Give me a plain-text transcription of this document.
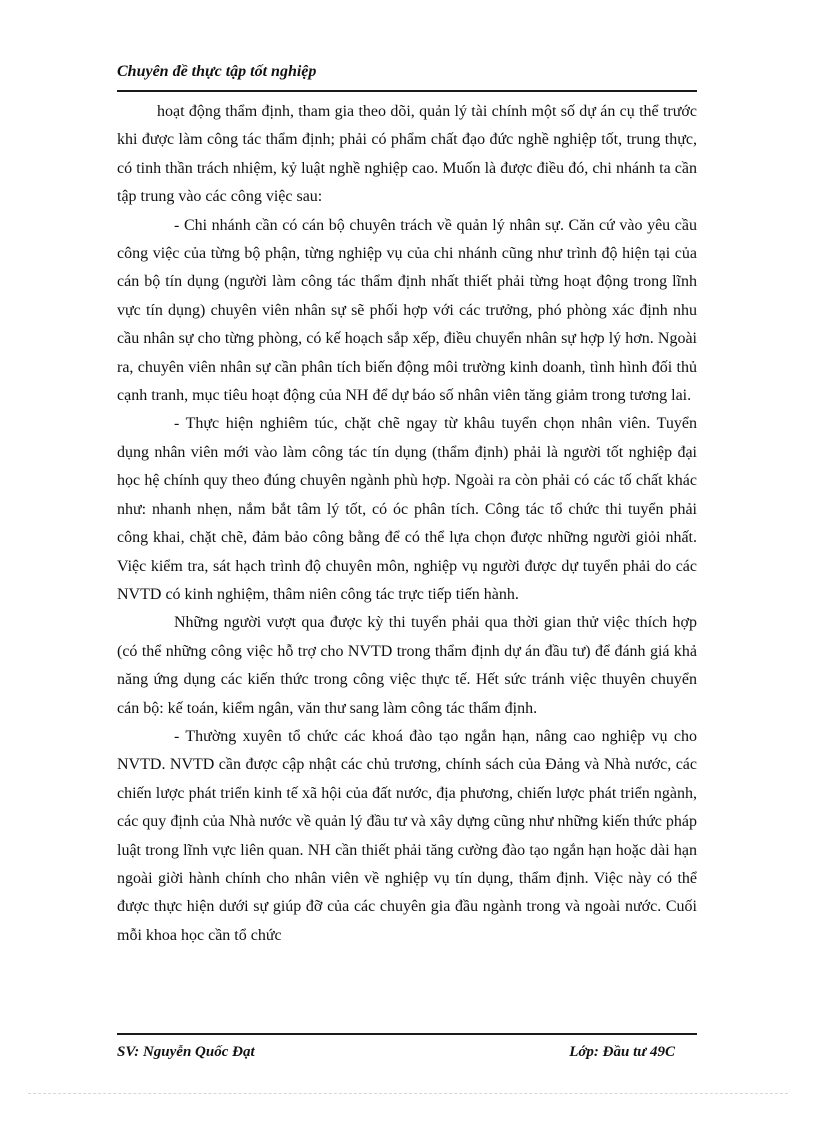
Chuyên đề thực tập tốt nghiệp

hoạt động thẩm định, tham gia theo dõi, quản lý tài chính một số dự án cụ thể trước khi được làm công tác thẩm định; phải có phẩm chất đạo đức nghề nghiệp tốt, trung thực, có tinh thần trách nhiệm, kỷ luật nghề nghiệp cao. Muốn là được điều đó, chi nhánh ta cần tập trung vào các công việc sau:

- Chi nhánh cần có cán bộ chuyên trách về quản lý nhân sự. Căn cứ vào yêu cầu công việc của từng bộ phận, từng nghiệp vụ của chi nhánh cũng như trình độ hiện tại của cán bộ tín dụng (người làm công tác thẩm định nhất thiết phải từng hoạt động trong lĩnh vực tín dụng) chuyên viên nhân sự sẽ phối hợp với các trưởng, phó phòng xác định nhu cầu nhân sự cho từng phòng, có kế hoạch sắp xếp, điều chuyển nhân sự hợp lý hơn. Ngoài ra, chuyên viên nhân sự cần phân tích biến động môi trường kinh doanh, tình hình đối thủ cạnh tranh, mục tiêu hoạt động của NH để dự báo số nhân viên tăng giảm trong tương lai.

- Thực hiện nghiêm túc, chặt chẽ ngay từ khâu tuyển chọn nhân viên. Tuyển dụng nhân viên mới vào làm công tác tín dụng (thẩm định) phải là người tốt nghiệp đại học hệ chính quy theo đúng chuyên ngành phù hợp. Ngoài ra còn phải có các tố chất khác như: nhanh nhẹn, nắm bắt tâm lý tốt, có óc phân tích. Công tác tổ chức thi tuyển phải công khai, chặt chẽ, đảm bảo công bằng để có thể lựa chọn được những người giỏi nhất. Việc kiểm tra, sát hạch trình độ chuyên môn, nghiệp vụ người được dự tuyển phải do các NVTD có kinh nghiệm, thâm niên công tác trực tiếp tiến hành.

Những người vượt qua được kỳ thi tuyển phải qua thời gian thử việc thích hợp (có thể những công việc hỗ trợ cho NVTD trong thẩm định dự án đầu tư) để đánh giá khả năng ứng dụng các kiến thức trong công việc thực tế. Hết sức tránh việc thuyên chuyển cán bộ: kế toán, kiểm ngân, văn thư sang làm công tác thẩm định.

- Thường xuyên tổ chức các khoá đào tạo ngắn hạn, nâng cao nghiệp vụ cho NVTD. NVTD cần được cập nhật các chủ trương, chính sách của Đảng và Nhà nước, các chiến lược phát triển kinh tế xã hội của đất nước, địa phương, chiến lược phát triển ngành, các quy định của Nhà nước về quản lý đầu tư và xây dựng cũng như những kiến thức pháp luật trong lĩnh vực liên quan. NH cần thiết phải tăng cường đào tạo ngắn hạn hoặc dài hạn ngoài giời hành chính cho nhân viên về nghiệp vụ tín dụng, thẩm định. Việc này có thể được thực hiện dưới sự giúp đỡ của các chuyên gia đầu ngành trong và ngoài nước. Cuối mỗi khoa học cần tổ chức

SV: Nguyễn Quốc Đạt	Lớp: Đầu tư 49C
